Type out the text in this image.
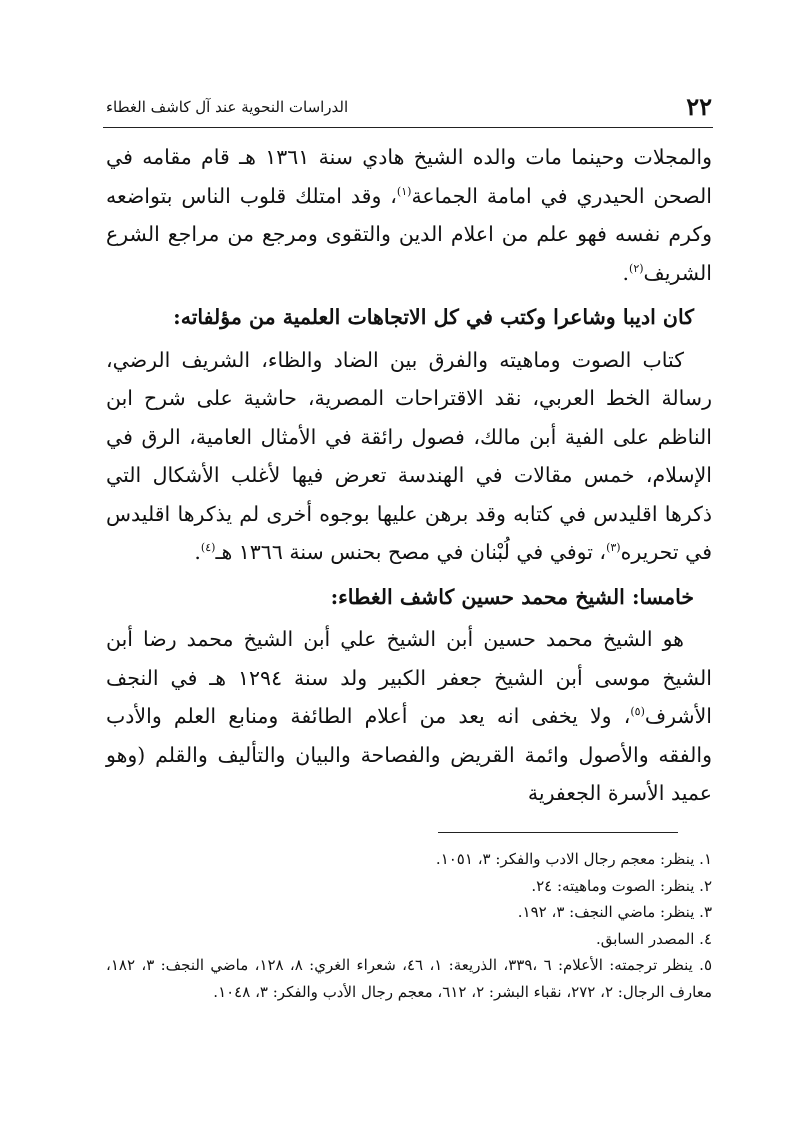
٢٢
الدراسات النحوية عند آل كاشف الغطاء

والمجلات وحينما مات والده الشيخ هادي سنة ١٣٦١ هـ قام مقامه في الصحن الحيدري في امامة الجماعة$^{(١)}$، وقد امتلك قلوب الناس بتواضعه وكرم نفسه فهو علم من اعلام الدين والتقوى ومرجع من مراجع الشرع الشريف$^{(٢)}$.

كان اديبا وشاعرا وكتب في كل الاتجاهات العلمية من مؤلفاته:

كتاب الصوت وماهيته والفرق بين الضاد والظاء، الشريف الرضي، رسالة الخط العربي، نقد الاقتراحات المصرية، حاشية على شرح ابن الناظم على الفية أبن مالك، فصول رائقة في الأمثال العامية، الرق في الإسلام، خمس مقالات في الهندسة تعرض فيها لأغلب الأشكال التي ذكرها اقليدس في كتابه وقد برهن عليها بوجوه أخرى لم يذكرها اقليدس في تحريره$^{(٣)}$، توفي في لُبْنان في مصح بحنس سنة ١٣٦٦ هـ$^{(٤)}$.

خامسا: الشيخ محمد حسين كاشف الغطاء:

هو الشيخ محمد حسين أبن الشيخ علي أبن الشيخ محمد رضا أبن الشيخ موسى أبن الشيخ جعفر الكبير ولد سنة ١٢٩٤ هـ في النجف الأشرف$^{(٥)}$، ولا يخفى انه يعد من أعلام الطائفة ومنابع العلم والأدب والفقه والأصول وائمة القريض والفصاحة والبيان والتأليف والقلم (وهو عميد الأسرة الجعفرية

١. ينظر: معجم رجال الادب والفكر: ٣، ١٠٥١.

٢. ينظر: الصوت وماهيته: ٢٤.

٣. ينظر: ماضي النجف: ٣، ١٩٢.

٤. المصدر السابق.

٥. ينظر ترجمته: الأعلام: ٦ ،٣٣٩، الذريعة: ١، ٤٦، شعراء الغري: ٨، ١٢٨، ماضي النجف: ٣، ١٨٢، معارف الرجال: ٢، ٢٧٢، نقباء البشر: ٢، ٦١٢، معجم رجال الأدب والفكر: ٣، ١٠٤٨.
